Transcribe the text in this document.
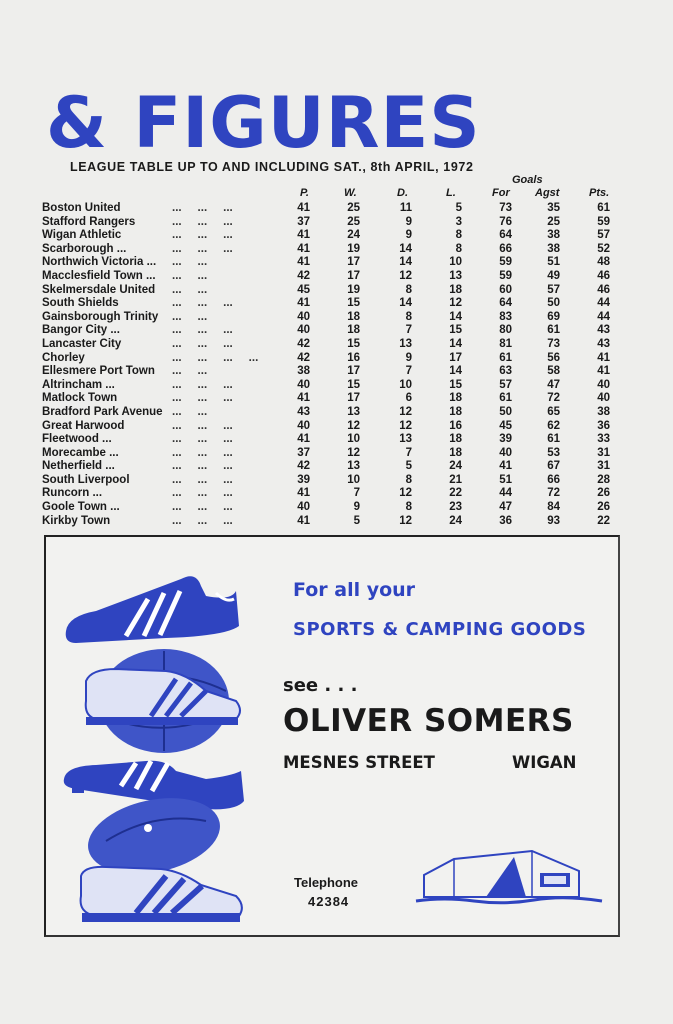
& FIGURES
LEAGUE TABLE UP TO AND INCLUDING SAT., 8th APRIL, 1972
Goals
P.	W.	D.	L.	For Agst	Pts.
Boston United	...     ...     ...	41	25	11	5	73	35	61
Stafford Rangers	...     ...     ...	37	25	9	3	76	25	59
Wigan Athletic	...     ...     ...	41	24	9	8	64	38	57
Scarborough ...	...     ...     ...	41	19	14	8	66	38	52
Northwich Victoria ... ...     ...	41	17	14	10	59	51	48
Macclesfield Town ... ...     ...	42	17	12	13	59	49	46
Skelmersdale United ...     ...	45	19	8	18	60	57	46
South Shields	...     ...     ...	41	15	14	12	64	50	44
Gainsborough Trinity ...     ...	40	18	8	14	83	69	44
Bangor City ...	...     ...     ...	40	18	7	15	80	61	43
Lancaster City	...     ...     ...	42	15	13	14	81	73	43
Chorley	...     ...     ...     ...	42	16	9	17	61	56	41
Ellesmere Port Town ...     ...	38	17	7	14	63	58	41
Altrincham ...	...     ...     ...	40	15	10	15	57	47	40
Matlock Town	...     ...     ...	41	17	6	18	61	72	40
Bradford Park Avenue ...     ...	43	13	12	18	50	65	38
Great Harwood	...     ...     ...	40	12	12	16	45	62	36
Fleetwood ...	...     ...     ...	41	10	13	18	39	61	33
Morecambe ...	...     ...     ...	37	12	7	18	40	53	31
Netherfield ...	...     ...     ...	42	13	5	24	41	67	31
South Liverpool	...     ...     ...	39	10	8	21	51	66	28
Runcorn ...	...     ...     ...	41	7	12	22	44	72	26
Goole Town ...	...     ...     ...	40	9	8	23	47	84	26
Kirkby Town	...     ...     ...	41	5	12	24	36	93	22
For all your
SPORTS & CAMPING GOODS
see . . .
OLIVER SOMERS
MESNES STREET	WIGAN
Telephone
42384
